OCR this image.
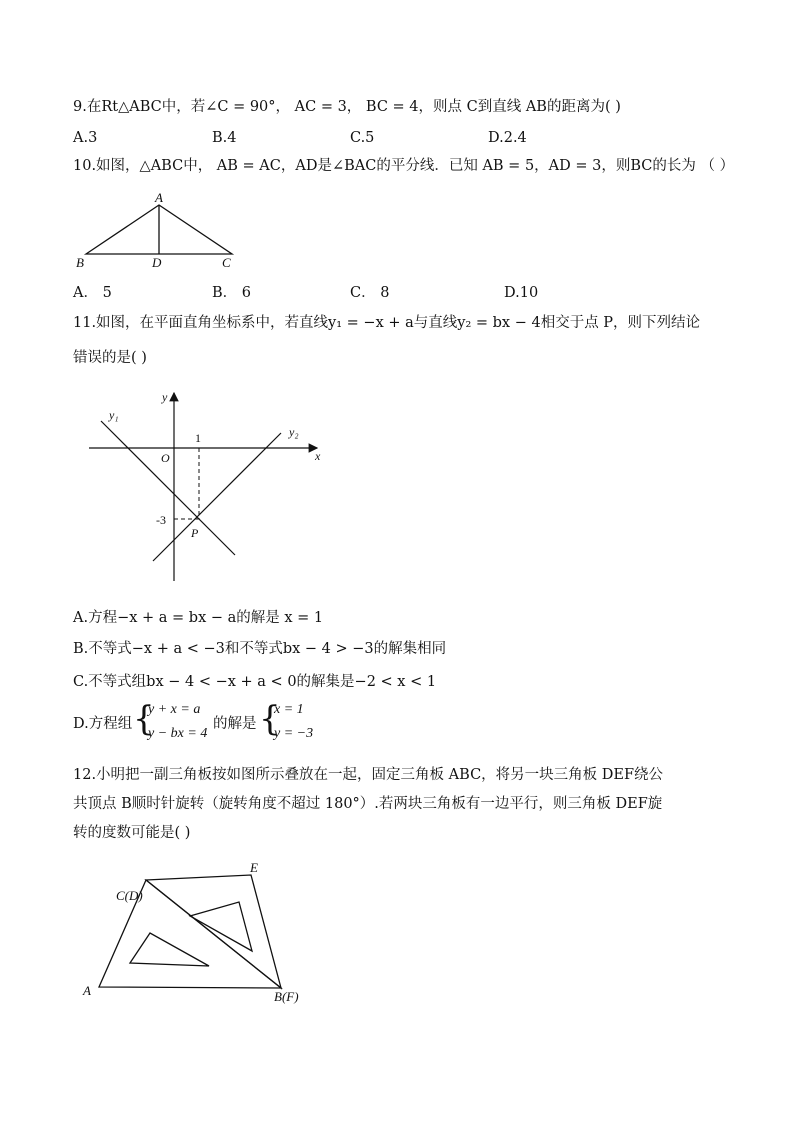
9.在Rt△ABC中，若∠C = 90°， AC = 3， BC = 4，则点 C到直线 AB的距离为( )
A.3	B.4	C.5	D.2.4
10.如图，△ABC中， AB = AC，AD是∠BAC的平分线．已知 AB = 5，AD = 3，则BC的长为 （ ）
A
B	D	C
A． 5	B． 6	C． 8	D.10
11.如图，在平面直角坐标系中，若直线y₁ = −x + a与直线y₂ = bx − 4相交于点 P，则下列结论
错误的是( )
y
x
O
1
-3
P
y₁
y₂
A.方程−x + a = bx − a的解是 x = 1
B.不等式−x + a < −3和不等式bx − 4 > −3的解集相同
C.不等式组bx − 4 < −x + a < 0的解集是−2 < x < 1
D.方程组 {
y + x = a
y − bx = 4
的解是 {
x = 1
y = −3
12.小明把一副三角板按如图所示叠放在一起，固定三角板 ABC，将另一块三角板 DEF绕公
共顶点 B顺时针旋转（旋转角度不超过 180°）.若两块三角板有一边平行，则三角板 DEF旋
转的度数可能是( )
C(D)
E
A	B(F)
